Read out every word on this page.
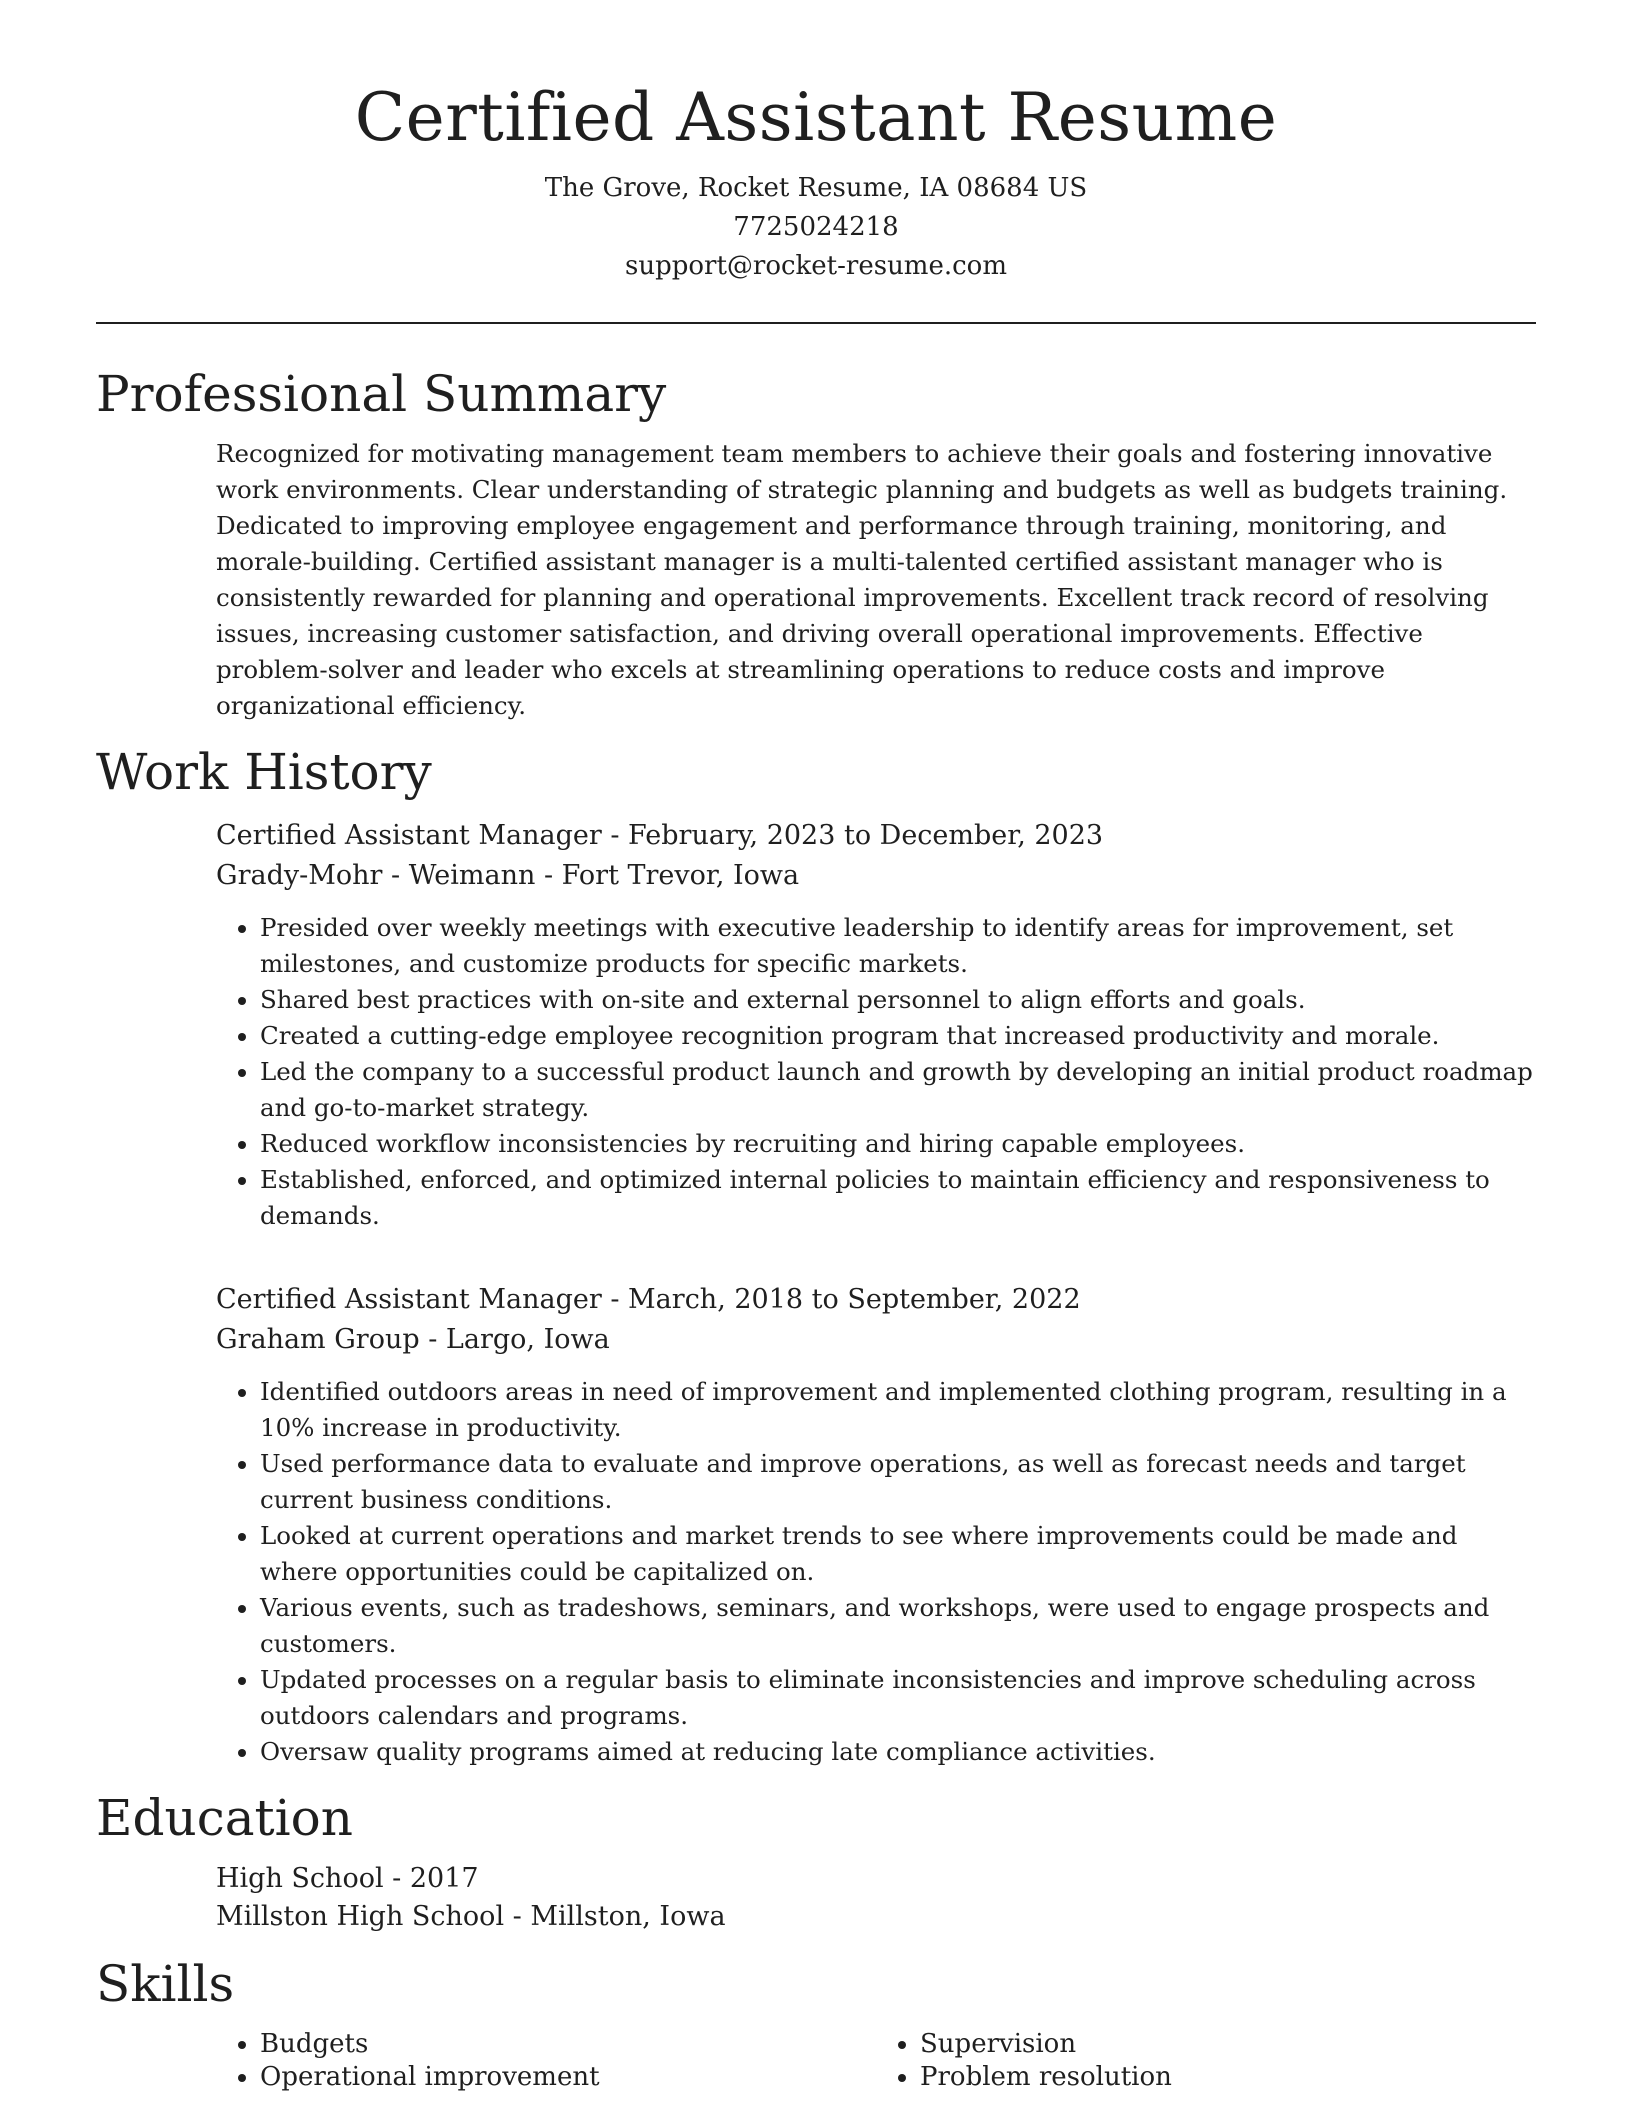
Certified Assistant Resume
The Grove, Rocket Resume, IA 08684 US
7725024218
support@rocket-resume.com
Professional Summary
Recognized for motivating management team members to achieve their goals and fostering innovative work environments. Clear understanding of strategic planning and budgets as well as budgets training. Dedicated to improving employee engagement and performance through training, monitoring, and morale-building. Certified assistant manager is a multi-talented certified assistant manager who is consistently rewarded for planning and operational improvements. Excellent track record of resolving issues, increasing customer satisfaction, and driving overall operational improvements. Effective problem-solver and leader who excels at streamlining operations to reduce costs and improve organizational efficiency.
Work History
Certified Assistant Manager - February, 2023 to December, 2023
Grady-Mohr - Weimann - Fort Trevor, Iowa
• Presided over weekly meetings with executive leadership to identify areas for improvement, set milestones, and customize products for specific markets.
• Shared best practices with on-site and external personnel to align efforts and goals.
• Created a cutting-edge employee recognition program that increased productivity and morale.
• Led the company to a successful product launch and growth by developing an initial product roadmap and go-to-market strategy.
• Reduced workflow inconsistencies by recruiting and hiring capable employees.
• Established, enforced, and optimized internal policies to maintain efficiency and responsiveness to demands.
Certified Assistant Manager - March, 2018 to September, 2022
Graham Group - Largo, Iowa
• Identified outdoors areas in need of improvement and implemented clothing program, resulting in a 10% increase in productivity.
• Used performance data to evaluate and improve operations, as well as forecast needs and target current business conditions.
• Looked at current operations and market trends to see where improvements could be made and where opportunities could be capitalized on.
• Various events, such as tradeshows, seminars, and workshops, were used to engage prospects and customers.
• Updated processes on a regular basis to eliminate inconsistencies and improve scheduling across outdoors calendars and programs.
• Oversaw quality programs aimed at reducing late compliance activities.
Education
High School - 2017
Millston High School - Millston, Iowa
Skills
• Budgets
• Operational improvement
• Supervision
• Problem resolution
